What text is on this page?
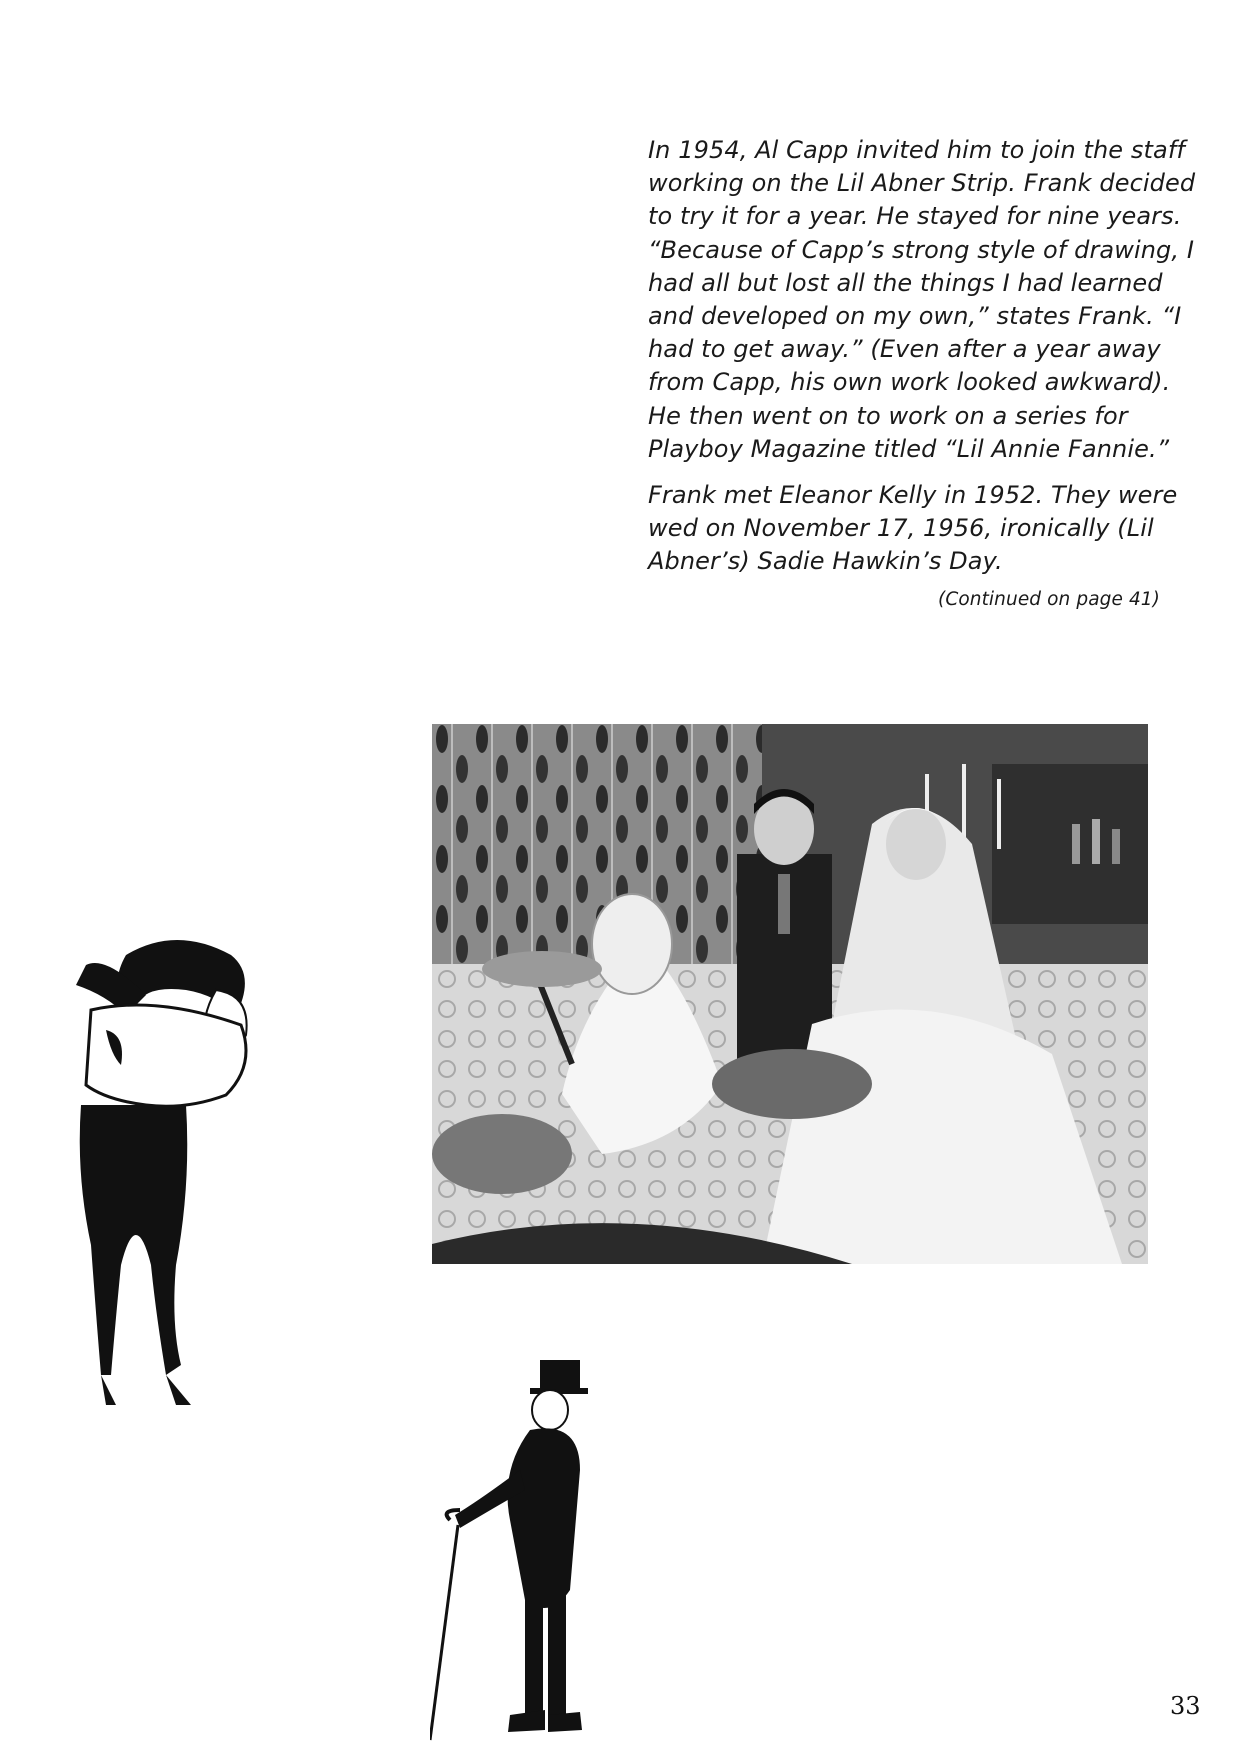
In 1954, Al Capp invited him to join the staff
working on the Lil Abner Strip. Frank decided
to try it for a year. He stayed for nine years.
“Because of Capp’s strong style of drawing, I
had all but lost all the things I had learned
and developed on my own,” states Frank. “I
had to get away.” (Even after a year away
from Capp, his own work looked awkward).
He then went on to work on a series for
Playboy Magazine titled “Lil Annie Fannie.”
Frank met Eleanor Kelly in 1952. They were
wed on November 17, 1956, ironically (Lil
Abner’s) Sadie Hawkin’s Day.
(Continued on page 41)
33
